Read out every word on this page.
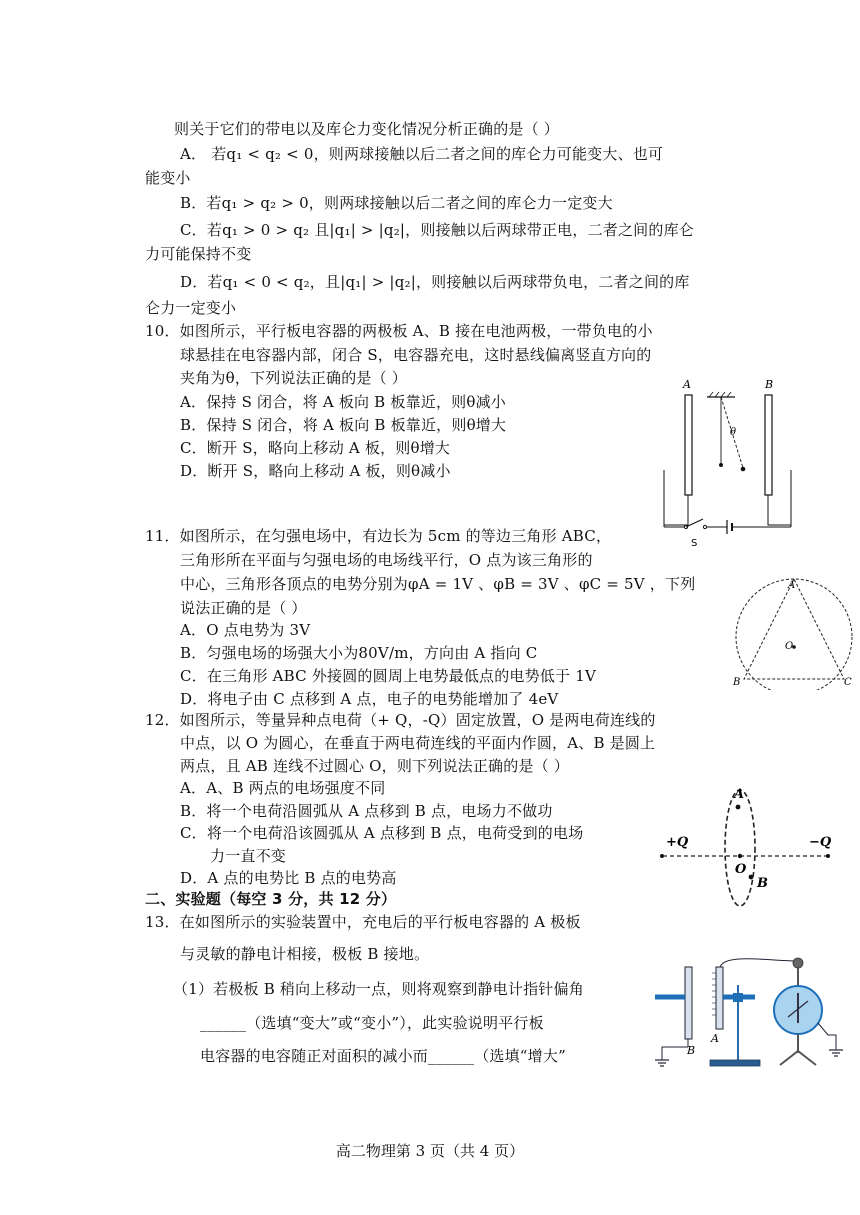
则关于它们的带电以及库仑力变化情况分析正确的是（ ）
A． 若q₁ < q₂ < 0，则两球接触以后二者之间的库仑力可能变大、也可
能变小
B．若q₁ > q₂ > 0，则两球接触以后二者之间的库仑力一定变大
C．若q₁ > 0 > q₂ 且|q₁| > |q₂|，则接触以后两球带正电，二者之间的库仑
力可能保持不变
D．若q₁ < 0 < q₂，且|q₁| > |q₂|，则接触以后两球带负电，二者之间的库
仑力一定变小
10．如图所示，平行板电容器的两极板 A、B 接在电池两极，一带负电的小
球悬挂在电容器内部，闭合 S，电容器充电，这时悬线偏离竖直方向的
夹角为θ，下列说法正确的是（ ）
A．保持 S 闭合，将 A 板向 B 板靠近，则θ减小
B．保持 S 闭合，将 A 板向 B 板靠近，则θ增大
C．断开 S，略向上移动 A 板，则θ增大
D．断开 S，略向上移动 A 板，则θ减小
A	B
θ
S
11．如图所示，在匀强电场中，有边长为 5cm 的等边三角形 ABC，
三角形所在平面与匀强电场的电场线平行，O 点为该三角形的
中心，三角形各顶点的电势分别为φA = 1V 、φB = 3V 、φC = 5V ，下列
说法正确的是（ ）
A．O 点电势为 3V
B．匀强电场的场强大小为80V/m，方向由 A 指向 C
C．在三角形 ABC 外接圆的圆周上电势最低点的电势低于 1V
D．将电子由 C 点移到 A 点，电子的电势能增加了 4eV
O
A
B	C
12．如图所示，等量异种点电荷（+ Q，-Q）固定放置，O 是两电荷连线的
中点，以 O 为圆心，在垂直于两电荷连线的平面内作圆，A、B 是圆上
两点，且 AB 连线不过圆心 O，则下列说法正确的是（ ）
A．A、B 两点的电场强度不同
B．将一个电荷沿圆弧从 A 点移到 B 点，电场力不做功
C．将一个电荷沿该圆弧从 A 点移到 B 点，电荷受到的电场
力一直不变
D．A 点的电势比 B 点的电势高
+Q	−Q
A
O
B
二、实验题（每空 3 分，共 12 分）
13．在如图所示的实验装置中，充电后的平行板电容器的 A 极板
与灵敏的静电计相接，极板 B 接地。
（1）若极板 B 稍向上移动一点，则将观察到静电计指针偏角
______（选填“变大”或“变小”），此实验说明平行板
电容器的电容随正对面积的减小而______（选填“增大”	B
A
高二物理第 3 页（共 4 页）
